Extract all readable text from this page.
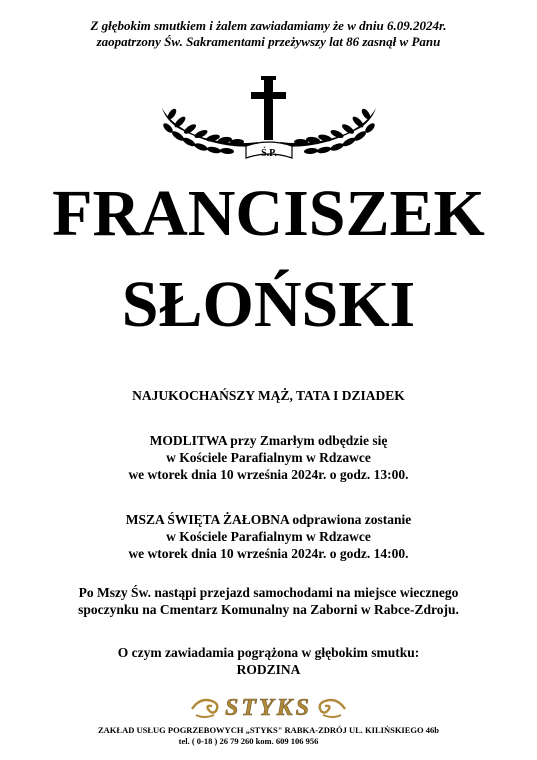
Z głębokim smutkiem i żalem zawiadamiamy że w dniu 6.09.2024r.
zaopatrzony Św. Sakramentami przeżywszy lat 86 zasnął w Panu
Ś.P.
FRANCISZEK
SŁOŃSKI
NAJUKOCHAŃSZY MĄŻ, TATA I DZIADEK
MODLITWA przy Zmarłym odbędzie się
w Kościele Parafialnym w Rdzawce
we wtorek dnia 10 września 2024r. o godz. 13:00.
MSZA ŚWIĘTA ŻAŁOBNA odprawiona zostanie
w Kościele Parafialnym w Rdzawce
we wtorek dnia 10 września 2024r. o godz. 14:00.
Po Mszy Św. nastąpi przejazd samochodami na miejsce wiecznego
spoczynku na Cmentarz Komunalny na Zaborni w Rabce-Zdroju.
O czym zawiadamia pogrążona w głębokim smutku:
RODZINA
STYKS
ZAKŁAD USŁUG POGRZEBOWYCH „STYKS" RABKA-ZDRÓJ UL. KILIŃSKIEGO 46b
tel. ( 0-18 ) 26 79 260 kom. 609 106 956
